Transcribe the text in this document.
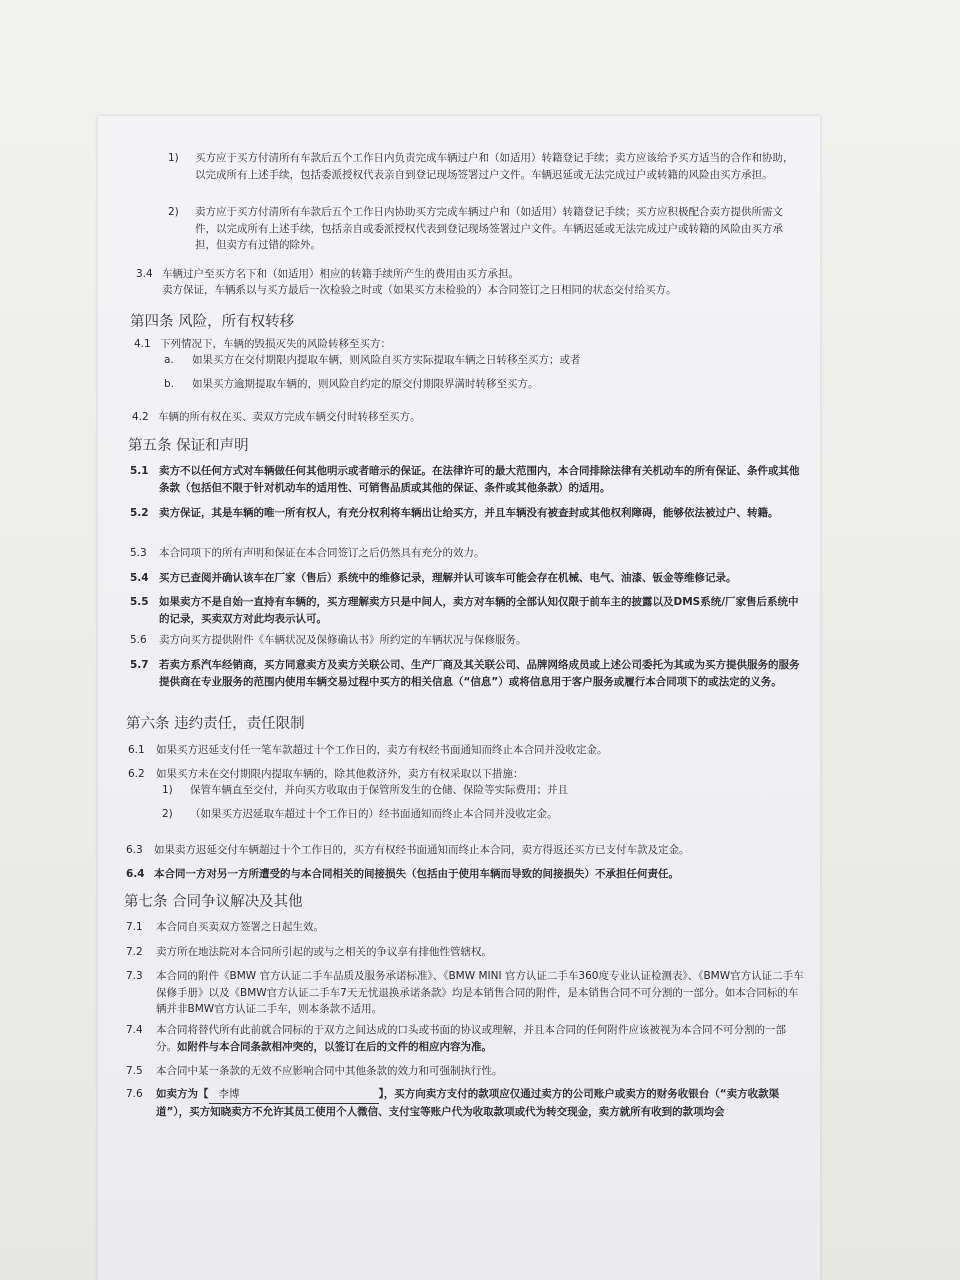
1) 买方应于买方付清所有车款后五个工作日内负责完成车辆过户和（如适用）转籍登记手续；卖方应该给予买方适当的合作和协助，以完成所有上述手续，包括委派授权代表亲自到登记现场签署过户文件。车辆迟延或无法完成过户或转籍的风险由买方承担。
2) 卖方应于买方付清所有车款后五个工作日内协助买方完成车辆过户和（如适用）转籍登记手续；买方应积极配合卖方提供所需文件，以完成所有上述手续，包括亲自或委派授权代表到登记现场签署过户文件。车辆迟延或无法完成过户或转籍的风险由买方承担，但卖方有过错的除外。
3.4 车辆过户至买方名下和（如适用）相应的转籍手续所产生的费用由买方承担。
卖方保证，车辆系以与买方最后一次检验之时或（如果买方未检验的）本合同签订之日相同的状态交付给买方。
第四条 风险，所有权转移
4.1 下列情况下，车辆的毁损灭失的风险转移至买方：
a. 如果买方在交付期限内提取车辆，则风险自买方实际提取车辆之日转移至买方；或者
b. 如果买方逾期提取车辆的，则风险自约定的原交付期限界满时转移至买方。
4.2 车辆的所有权在买、卖双方完成车辆交付时转移至买方。
第五条 保证和声明
5.1 卖方不以任何方式对车辆做任何其他明示或者暗示的保证。在法律许可的最大范围内，本合同排除法律有关机动车的所有保证、条件或其他条款（包括但不限于针对机动车的适用性、可销售品质或其他的保证、条件或其他条款）的适用。
5.2 卖方保证，其是车辆的唯一所有权人，有充分权利将车辆出让给买方，并且车辆没有被查封或其他权利障碍，能够依法被过户、转籍。
5.3 本合同项下的所有声明和保证在本合同签订之后仍然具有充分的效力。
5.4 买方已查阅并确认该车在厂家（售后）系统中的维修记录，理解并认可该车可能会存在机械、电气、油漆、钣金等维修记录。
5.5 如果卖方不是自始一直持有车辆的，买方理解卖方只是中间人，卖方对车辆的全部认知仅限于前车主的披露以及DMS系统/厂家售后系统中的记录，买卖双方对此均表示认可。
5.6 卖方向买方提供附件《车辆状况及保修确认书》所约定的车辆状况与保修服务。
5.7 若卖方系汽车经销商，买方同意卖方及卖方关联公司、生产厂商及其关联公司、品牌网络成员或上述公司委托为其或为买方提供服务的服务提供商在专业服务的范围内使用车辆交易过程中买方的相关信息（“信息”）或将信息用于客户服务或履行本合同项下的或法定的义务。
第六条 违约责任，责任限制
6.1 如果买方迟延支付任一笔车款超过十个工作日的，卖方有权经书面通知而终止本合同并没收定金。
6.2 如果买方未在交付期限内提取车辆的，除其他救济外，卖方有权采取以下措施：
1) 保管车辆直至交付，并向买方收取由于保管所发生的仓储、保险等实际费用；并且
2) （如果买方迟延取车超过十个工作日的）经书面通知而终止本合同并没收定金。
6.3 如果卖方迟延交付车辆超过十个工作日的，买方有权经书面通知而终止本合同，卖方得返还买方已支付车款及定金。
6.4 本合同一方对另一方所遭受的与本合同相关的间接损失（包括由于使用车辆而导致的间接损失）不承担任何责任。
第七条 合同争议解决及其他
7.1 本合同自买卖双方签署之日起生效。
7.2 卖方所在地法院对本合同所引起的或与之相关的争议享有排他性管辖权。
7.3 本合同的附件《BMW 官方认证二手车品质及服务承诺标准》、《BMW MINI 官方认证二手车360度专业认证检测表》、《BMW官方认证二手车保修手册》以及《BMW官方认证二手车7天无忧退换承诺条款》均是本销售合同的附件，是本销售合同不可分割的一部分。如本合同标的车辆并非BMW官方认证二手车，则本条款不适用。
7.4 本合同将替代所有此前就合同标的于双方之间达成的口头或书面的协议或理解，并且本合同的任何附件应该被视为本合同不可分割的一部分。如附件与本合同条款相冲突的，以签订在后的文件的相应内容为准。
7.5 本合同中某一条款的无效不应影响合同中其他条款的效力和可强制执行性。
7.6 如卖方为【 李博	】，买方向卖方支付的款项应仅通过卖方的公司账户或卖方的财务收银台（“卖方收款渠道”），买方知晓卖方不允许其员工使用个人微信、支付宝等账户代为收取款项或代为转交现金，卖方就所有收到的款项均会
